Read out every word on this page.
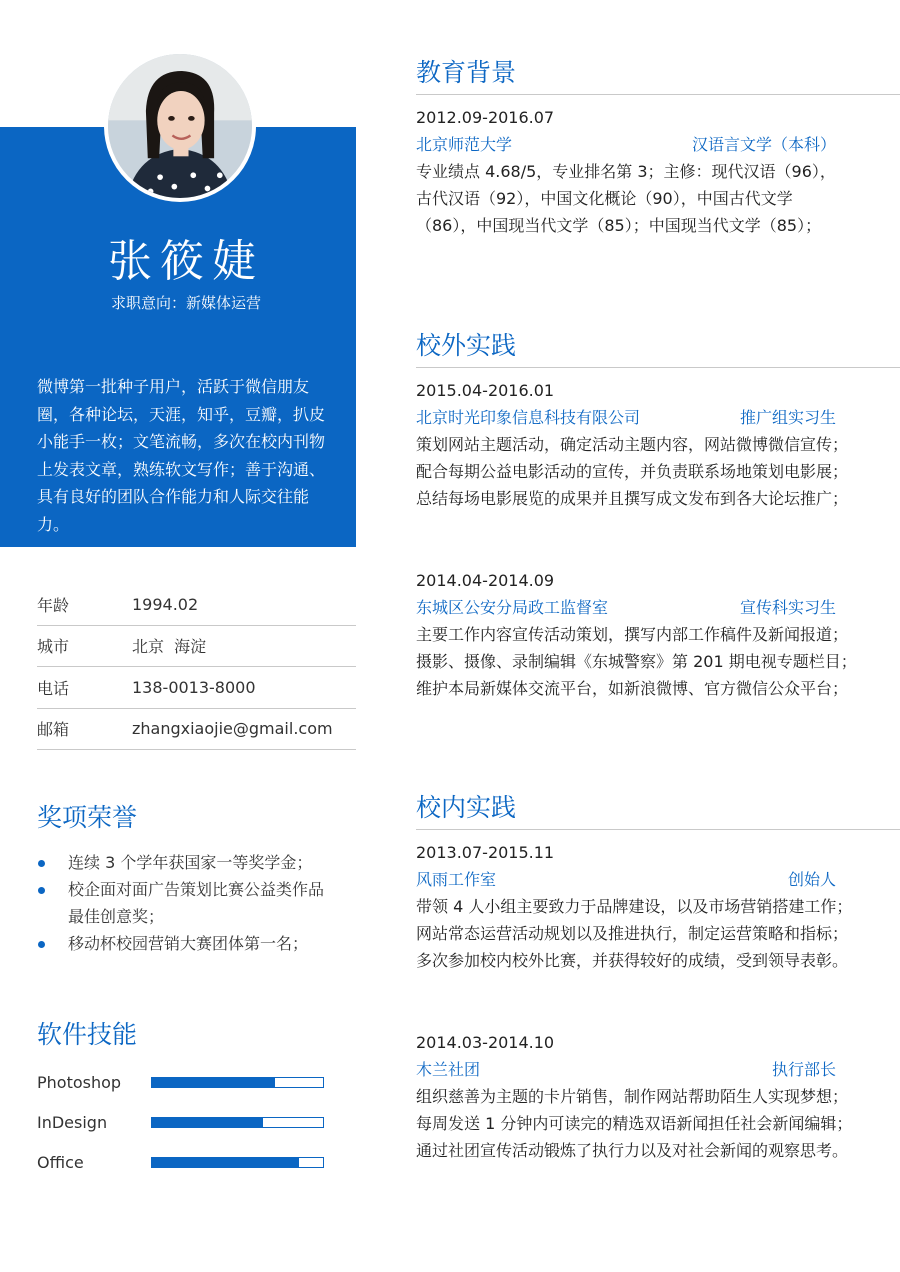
张筱婕
求职意向：新媒体运营
微博第一批种子用户，活跃于微信朋友圈，各种论坛，天涯，知乎，豆瓣，扒皮小能手一枚；文笔流畅，多次在校内刊物上发表文章，熟练软文写作；善于沟通、具有良好的团队合作能力和人际交往能力。
年龄	1994.02
城市	北京  海淀
电话	138-0013-8000
邮箱	zhangxiaojie@gmail.com
奖项荣誉
连续 3 个学年获国家一等奖学金；
校企面对面广告策划比赛公益类作品最佳创意奖；
移动杯校园营销大赛团体第一名；
软件技能
Photoshop
InDesign
Office
教育背景
2012.09-2016.07
北京师范大学	汉语言文学（本科）
专业绩点 4.68/5，专业排名第 3；主修：现代汉语（96），古代汉语（92），中国文化概论（90），中国古代文学（86），中国现当代文学（85）；中国现当代文学（85）；
校外实践
2015.04-2016.01
北京时光印象信息科技有限公司	推广组实习生
策划网站主题活动，确定活动主题内容，网站微博微信宣传；
配合每期公益电影活动的宣传，并负责联系场地策划电影展；
总结每场电影展览的成果并且撰写成文发布到各大论坛推广；
2014.04-2014.09
东城区公安分局政工监督室	宣传科实习生
主要工作内容宣传活动策划，撰写内部工作稿件及新闻报道；
摄影、摄像、录制编辑《东城警察》第 201 期电视专题栏目；
维护本局新媒体交流平台，如新浪微博、官方微信公众平台；
校内实践
2013.07-2015.11
风雨工作室	创始人
带领 4 人小组主要致力于品牌建设，以及市场营销搭建工作；
网站常态运营活动规划以及推进执行，制定运营策略和指标；
多次参加校内校外比赛，并获得较好的成绩，受到领导表彰。
2014.03-2014.10
木兰社团	执行部长
组织慈善为主题的卡片销售，制作网站帮助陌生人实现梦想；
每周发送 1 分钟内可读完的精选双语新闻担任社会新闻编辑；
通过社团宣传活动锻炼了执行力以及对社会新闻的观察思考。
